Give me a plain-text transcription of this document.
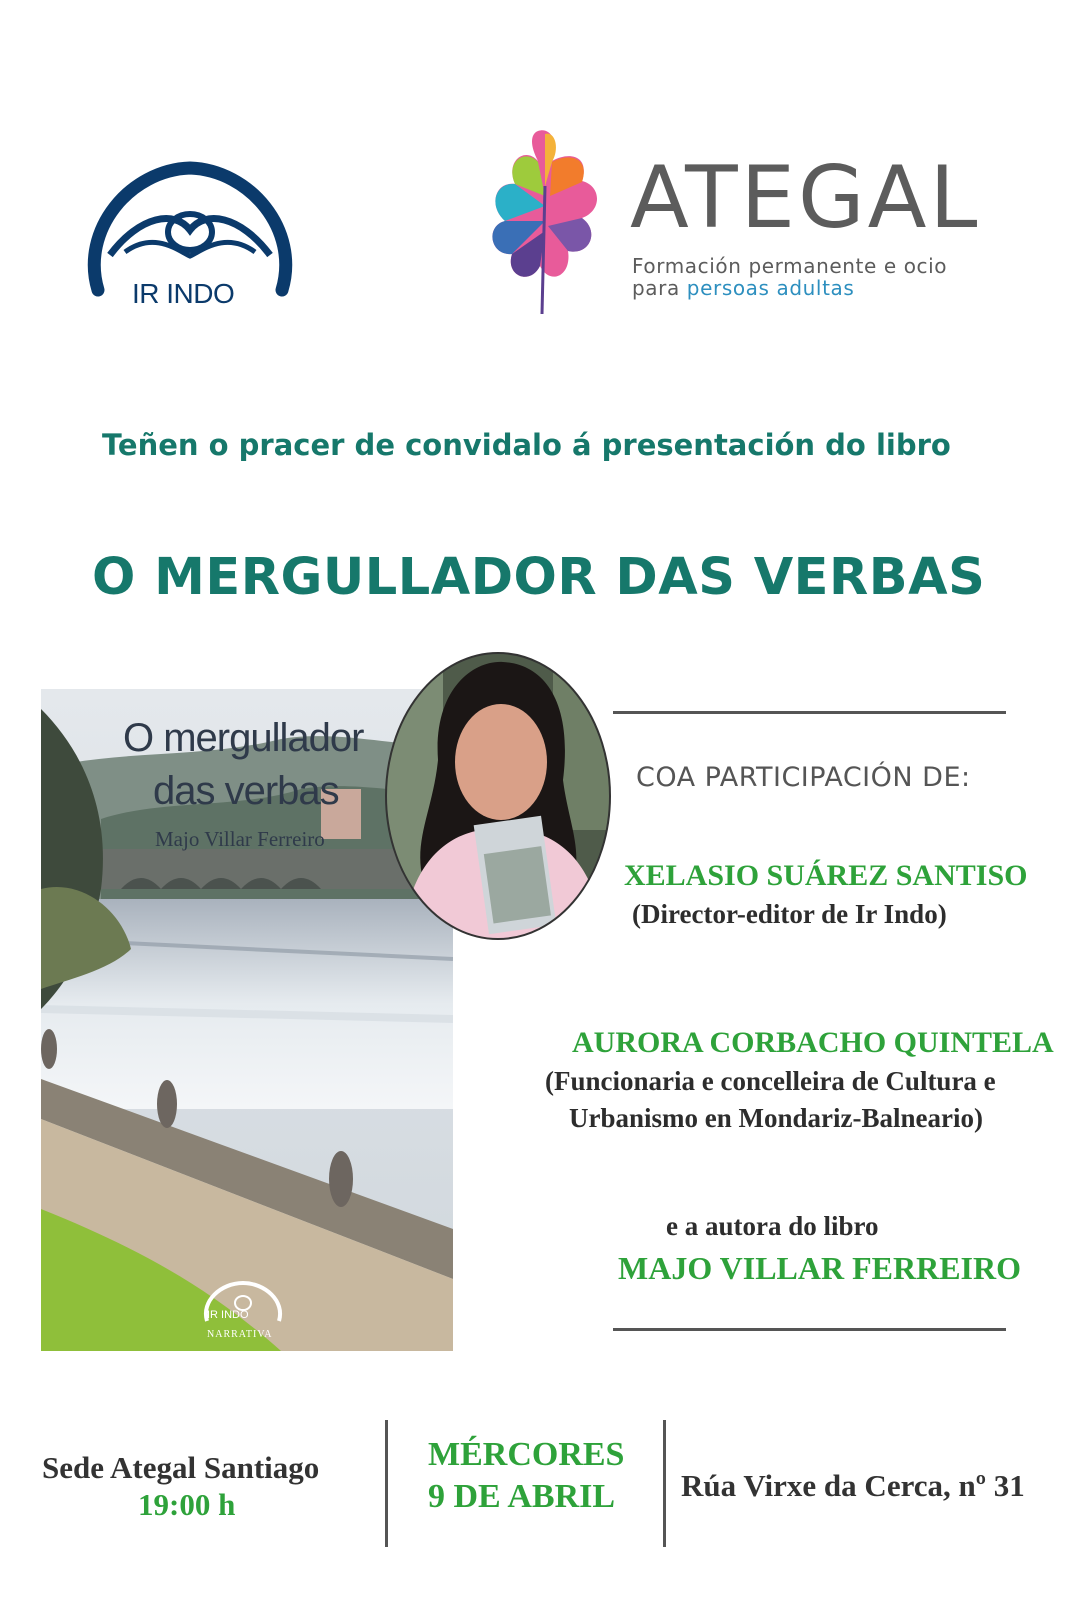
IR INDO
ATEGAL
Formación permanente e ocio
para persoas adultas
Teñen o pracer de convidalo á presentación do libro
O MERGULLADOR DAS VERBAS
O mergullador
das verbas
Majo Villar Ferreiro
IR INDO
NARRATIVA
COA PARTICIPACIÓN DE:
XELASIO SUÁREZ SANTISO
(Director-editor de Ir Indo)
AURORA CORBACHO QUINTELA
(Funcionaria e concelleira de Cultura e
Urbanismo en Mondariz-Balneario)
e a autora do libro
MAJO VILLAR FERREIRO
Sede Ategal Santiago
19:00 h
MÉRCORES
9 DE ABRIL Rúa Virxe da Cerca, nº 31
